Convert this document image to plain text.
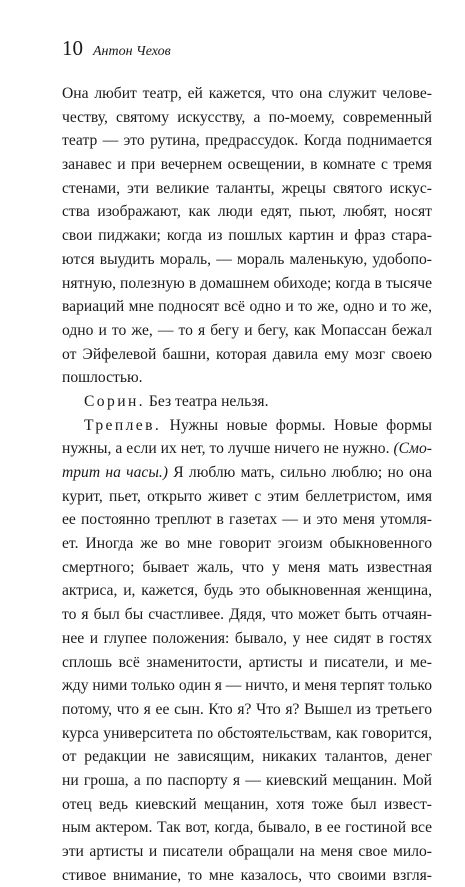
10 Антон Чехов
Она любит театр, ей кажется, что она служит челове-
честву, святому искусству, а по-моему, современный
театр — это рутина, предрассудок. Когда поднимается
занавес и при вечернем освещении, в комнате с тремя
стенами, эти великие таланты, жрецы святого искус-
ства изображают, как люди едят, пьют, любят, носят
свои пиджаки; когда из пошлых картин и фраз стара-
ются выудить мораль, — мораль маленькую, удобопо-
нятную, полезную в домашнем обиходе; когда в тысяче
вариаций мне подносят всё одно и то же, одно и то же,
одно и то же, — то я бегу и бегу, как Мопассан бежал
от Эйфелевой башни, которая давила ему мозг своею
пошлостью.
Сорин. Без театра нельзя.
Треплев. Нужны новые формы. Новые формы
нужны, а если их нет, то лучше ничего не нужно. (Смо-
трит на часы.) Я люблю мать, сильно люблю; но она
курит, пьет, открыто живет с этим беллетристом, имя
ее постоянно треплют в газетах — и это меня утомля-
ет. Иногда же во мне говорит эгоизм обыкновенного
смертного; бывает жаль, что у меня мать известная
актриса, и, кажется, будь это обыкновенная женщина,
то я был бы счастливее. Дядя, что может быть отчаян-
нее и глупее положения: бывало, у нее сидят в гостях
сплошь всё знаменитости, артисты и писатели, и ме-
жду ними только один я — ничто, и меня терпят только
потому, что я ее сын. Кто я? Что я? Вышел из третьего
курса университета по обстоятельствам, как говорится,
от редакции не зависящим, никаких талантов, денег
ни гроша, а по паспорту я — киевский мещанин. Мой
отец ведь киевский мещанин, хотя тоже был извест-
ным актером. Так вот, когда, бывало, в ее гостиной все
эти артисты и писатели обращали на меня свое мило-
стивое внимание, то мне казалось, что своими взгля-
